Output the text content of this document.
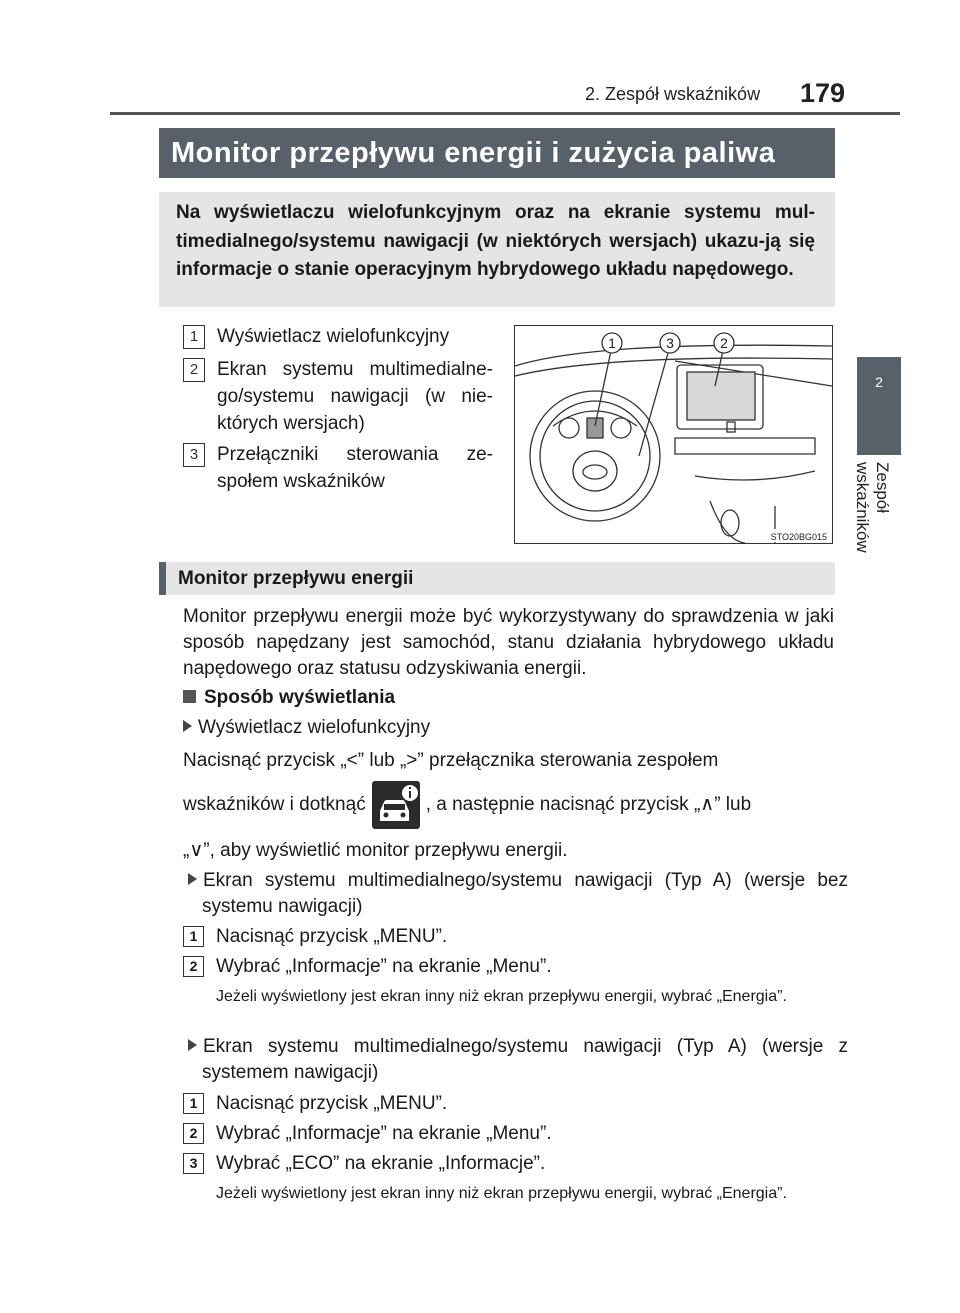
2. Zespół wskaźników 179
2
Zespół wskaźników
Monitor przepływu energii i zużycia paliwa
Na wyświetlaczu wielofunkcyjnym oraz na ekranie systemu mul-timedialnego/systemu nawigacji (w niektórych wersjach) ukazu-ją się informacje o stanie operacyjnym hybrydowego układu napędowego.
1 Wyświetlacz wielofunkcyjny
2 Ekran systemu multimedialne-go/systemu nawigacji (w nie-których wersjach)
3 Przełączniki sterowania ze-społem wskaźników
1	3	2
STO20BG015
Monitor przepływu energii
Monitor przepływu energii może być wykorzystywany do sprawdzenia w jaki sposób napędzany jest samochód, stanu działania hybrydowego układu napędowego oraz statusu odzyskiwania energii.
Sposób wyświetlania
Wyświetlacz wielofunkcyjny
Nacisnąć przycisk „<” lub „>” przełącznika sterowania zespołem
wskaźników i dotknąć	, a następnie nacisnąć przycisk „∧” lub
„∨”, aby wyświetlić monitor przepływu energii.
Ekran systemu multimedialnego/systemu nawigacji (Typ A) (wersje bez systemu nawigacji)
1 Nacisnąć przycisk „MENU”.
2 Wybrać „Informacje” na ekranie „Menu”.
Jeżeli wyświetlony jest ekran inny niż ekran przepływu energii, wybrać „Energia”.
Ekran systemu multimedialnego/systemu nawigacji (Typ A) (wersje z systemem nawigacji)
1 Nacisnąć przycisk „MENU”.
2 Wybrać „Informacje” na ekranie „Menu”.
3 Wybrać „ECO” na ekranie „Informacje”.
Jeżeli wyświetlony jest ekran inny niż ekran przepływu energii, wybrać „Energia”.
